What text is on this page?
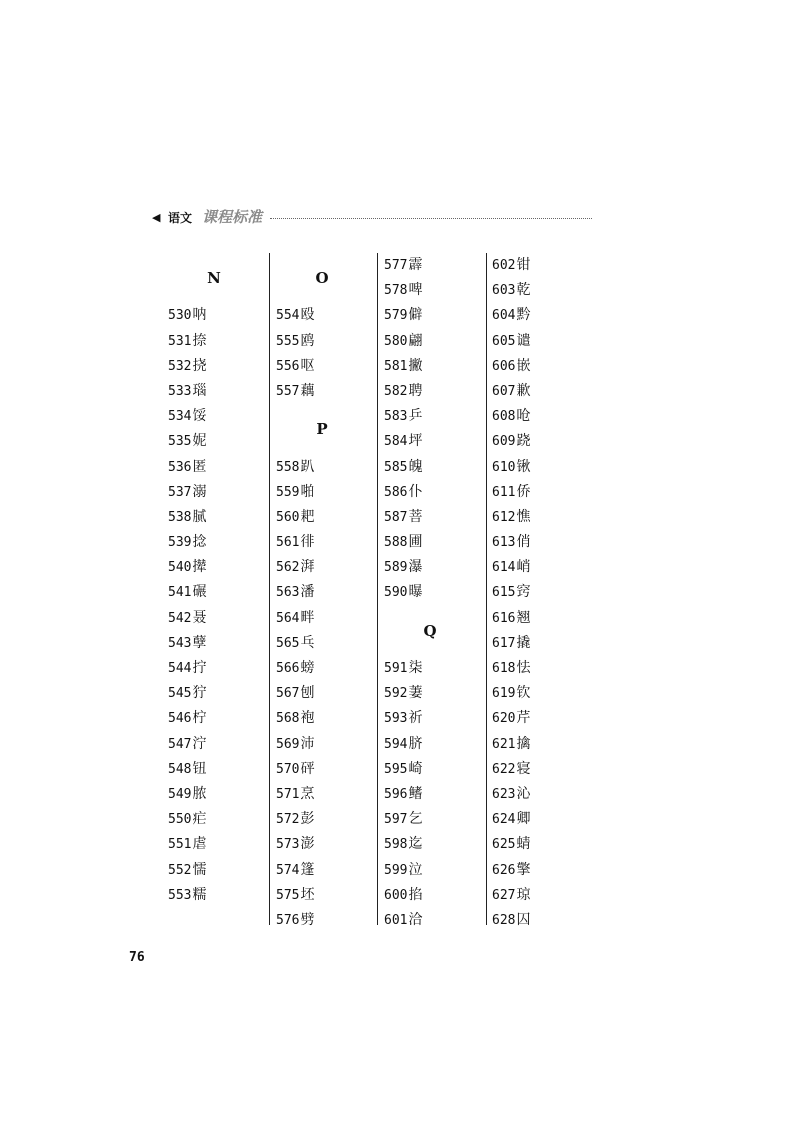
◀ 语文 课程标准
N
530呐
531捺
532挠
533瑙
534馁
535妮
536匿
537溺
538腻
539捻
540撵
541碾
542聂
543孽
544拧
545狞
546柠
547泞
548钮
549脓
550疟
551虐
552懦
553糯
O
554殴
555鸥
556呕
557藕
P
558趴
559啪
560耙
561徘
562湃
563潘
564畔
565乓
566螃
567刨
568袍
569沛
570砰
571烹
572彭
573澎
574篷
575坯
576劈
577霹
578啤
579僻
580翩
581撇
582聘
583乒
584坪
585魄
586仆
587菩
588圃
589瀑
590曝
Q
591柒
592萋
593祈
594脐
595崎
596鳍
597乞
598迄
599泣
600掐
601洽
602钳
603乾
604黔
605谴
606嵌
607歉
608呛
609跷
610锹
611侨
612憔
613俏
614峭
615窍
616翘
617撬
618怯
619钦
620芹
621擒
622寝
623沁
624卿
625蜻
626擎
627琼
628囚
76
